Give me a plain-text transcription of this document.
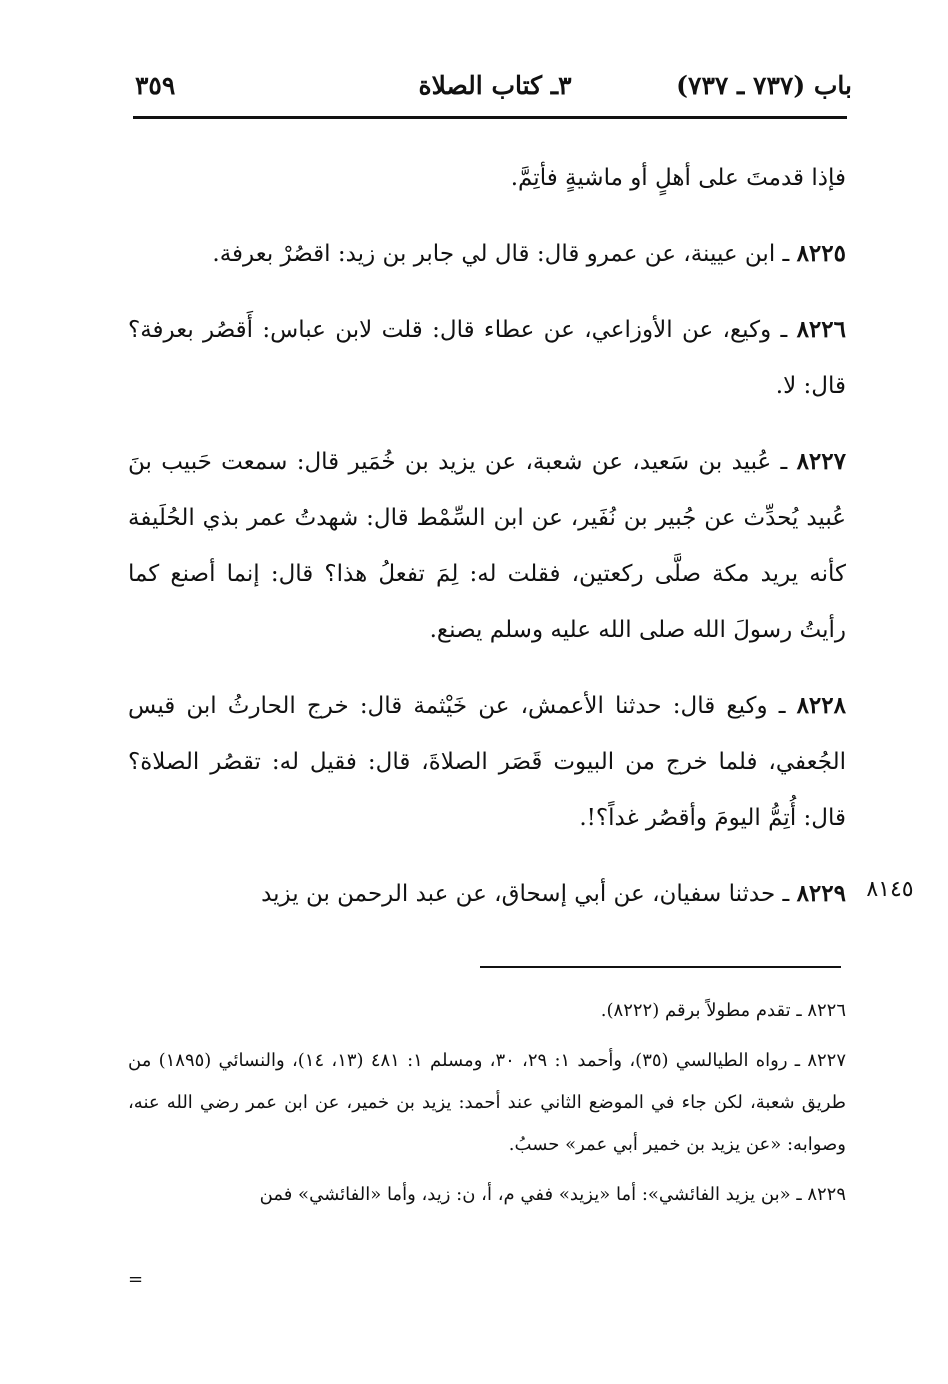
باب (٧٣٧ ـ ٧٣٧)
٣ـ كتاب الصلاة
٣٥٩

فإذا قدمتَ على أهلٍ أو ماشيةٍ فأتِمَّ.

٨٢٢٥ ـ ابن عيينة، عن عمرو قال: قال لي جابر بن زيد: اقصُرْ بعرفة.

٨٢٢٦ ـ وكيع، عن الأوزاعي، عن عطاء قال: قلت لابن عباس: أَقصُر بعرفة؟ قال: لا.

٨٢٢٧ ـ عُبيد بن سَعيد، عن شعبة، عن يزيد بن خُمَير قال: سمعت حَبيب بنَ عُبيد يُحدِّث عن جُبير بن نُفَير، عن ابن السِّمْط قال: شهدتُ عمر بذي الحُلَيفة كأنه يريد مكة صلَّى ركعتين، فقلت له: لِمَ تفعلُ هذا؟ قال: إنما أصنع كما رأيتُ رسولَ الله صلى الله عليه وسلم يصنع.

٨٢٢٨ ـ وكيع قال: حدثنا الأعمش، عن خَيْثمة قال: خرج الحارثُ ابن قيس الجُعفي، فلما خرج من البيوت قَصَر الصلاةَ، قال: فقيل له: تقصُر الصلاة؟ قال: أُتِمُّ اليومَ وأقصُر غداً؟!.

٨٢٢٩ ـ حدثنا سفيان، عن أبي إسحاق، عن عبد الرحمن بن يزيد	٨١٤٥

٨٢٢٦ ـ تقدم مطولاً برقم (٨٢٢٢).

٨٢٢٧ ـ رواه الطيالسي (٣٥)، وأحمد ١: ٢٩، ٣٠، ومسلم ١: ٤٨١ (١٣، ١٤)، والنسائي (١٨٩٥) من طريق شعبة، لكن جاء في الموضع الثاني عند أحمد: يزيد بن خمير، عن ابن عمر رضي الله عنه، وصوابه: «عن يزيد بن خمير أبي عمر» حسبُ.

٨٢٢٩ ـ «بن يزيد الفائشي»: أما «يزيد» ففي م، أ، ن: زيد، وأما «الفائشي» فمن

=
